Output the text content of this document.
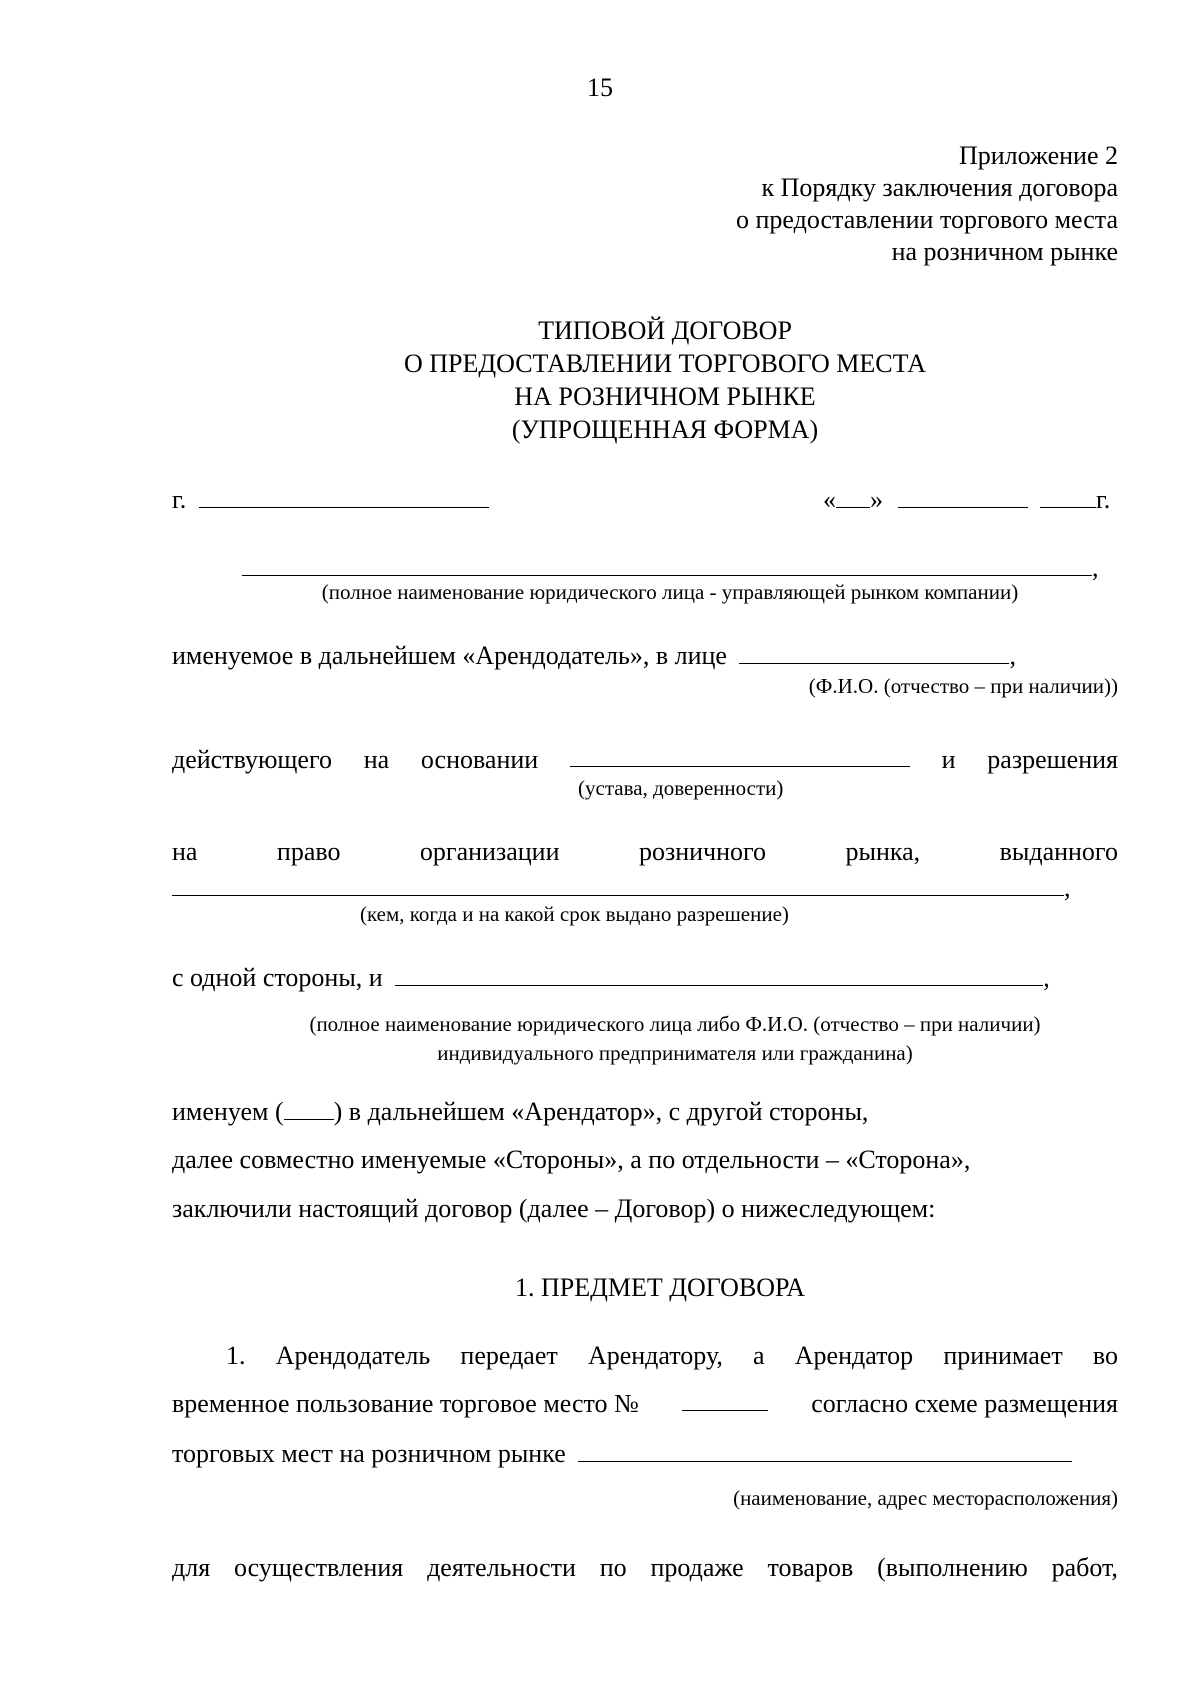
15
Приложение 2
к Порядку заключения договора
о предоставлении торгового места
на розничном рынке
ТИПОВОЙ ДОГОВОР
О ПРЕДОСТАВЛЕНИИ ТОРГОВОГО МЕСТА
НА РОЗНИЧНОМ РЫНКЕ
(УПРОЩЕННАЯ ФОРМА)
г.	« »	г.
,
(полное наименование юридического лица - управляющей рынком компании)
именуемое в дальнейшем «Арендодатель», в лице	,
(Ф.И.О. (отчество – при наличии))
действующего на основании	и разрешения
(устава, доверенности)
на	право	организации	розничного	рынка,	выданного
,
(кем, когда и на какой срок выдано разрешение)
с одной стороны, и	,
(полное наименование юридического лица либо Ф.И.О. (отчество – при наличии)
индивидуального предпринимателя или гражданина)
именуем ( ) в дальнейшем «Арендатор», с другой стороны,
далее совместно именуемые «Стороны», а по отдельности – «Сторона»,
заключили настоящий договор (далее – Договор) о нижеследующем:
1. ПРЕДМЕТ ДОГОВОРА
1. Арендодатель передает Арендатору, а Арендатор принимает во
временное пользование торговое место №	согласно схеме размещения
торговых мест на розничном рынке
(наименование, адрес месторасположения)
для осуществления деятельности по продаже товаров (выполнению работ,
